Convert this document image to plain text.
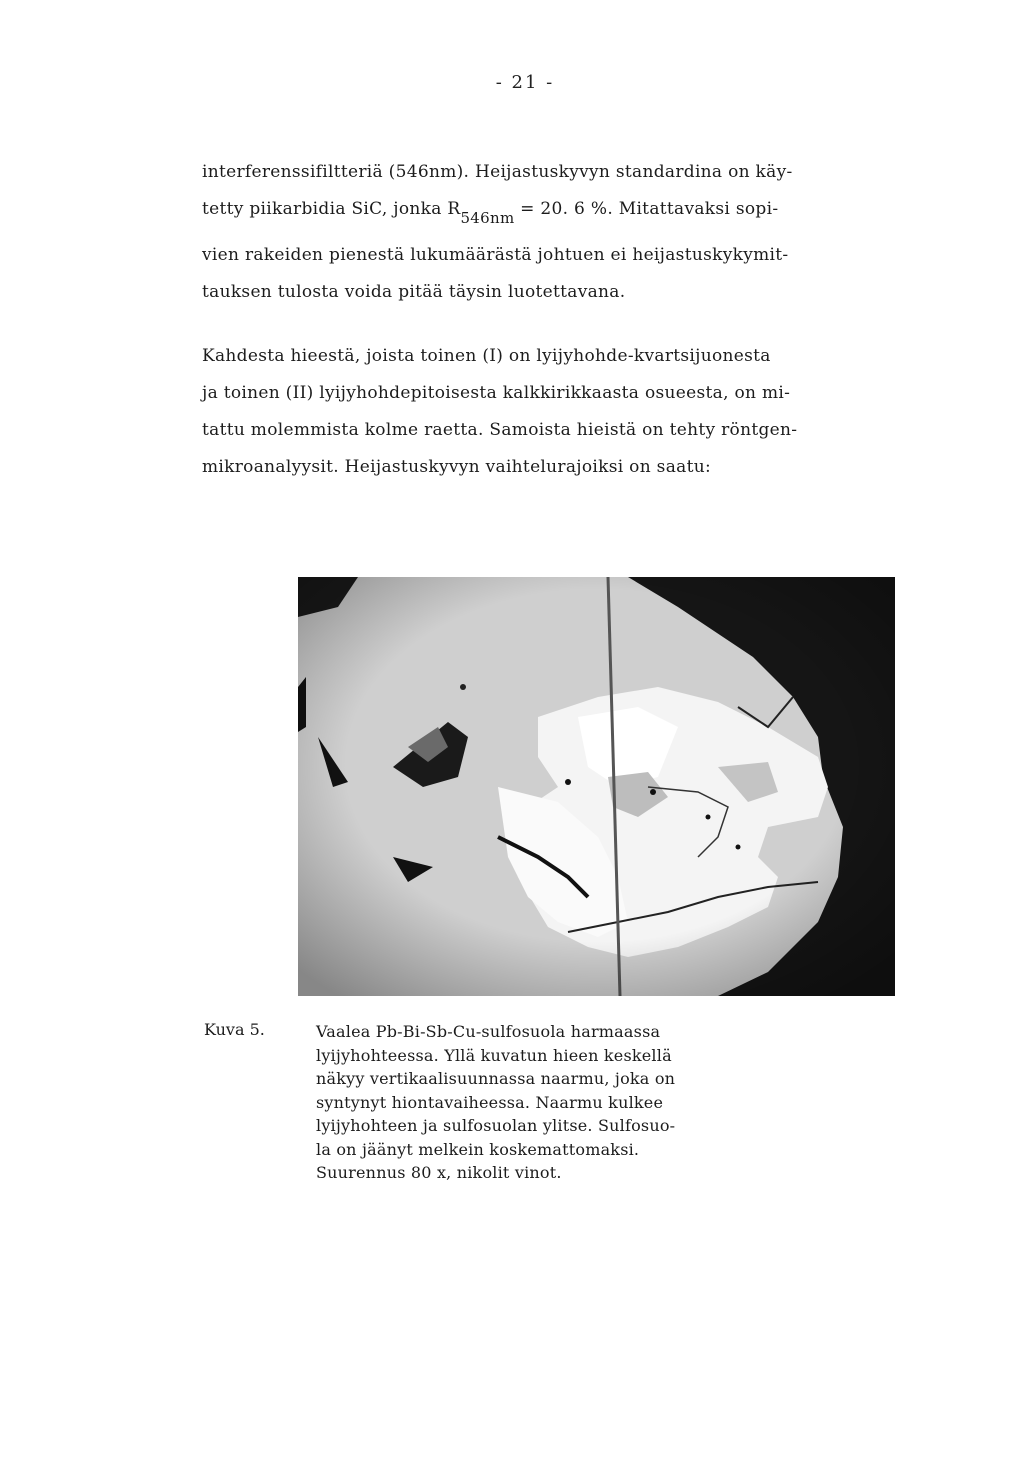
- 21 -
interferenssifiltteriä (546nm). Heijastuskyvyn standardina on käy-
tetty piikarbidia SiC, jonka R546nm = 20. 6 %. Mitattavaksi sopi-
vien rakeiden pienestä lukumäärästä johtuen ei heijastuskykymit-
tauksen tulosta voida pitää täysin luotettavana.
Kahdesta hieestä, joista toinen (I) on lyijyhohde-kvartsijuonesta
ja toinen (II) lyijyhohdepitoisesta kalkkirikkaasta osueesta, on mi-
tattu molemmista kolme raetta. Samoista hieistä on tehty röntgen-
mikroanalyysit. Heijastuskyvyn vaihtelurajoiksi on saatu:
Kuva 5.	Vaalea Pb-Bi-Sb-Cu-sulfosuola harmaassa
lyijyhohteessa. Yllä kuvatun hieen keskellä
näkyy vertikaalisuunnassa naarmu, joka on
syntynyt hiontavaiheessa. Naarmu kulkee
lyijyhohteen ja sulfosuolan ylitse. Sulfosuo-
la on jäänyt melkein koskemattomaksi.
Suurennus 80 x, nikolit vinot.
